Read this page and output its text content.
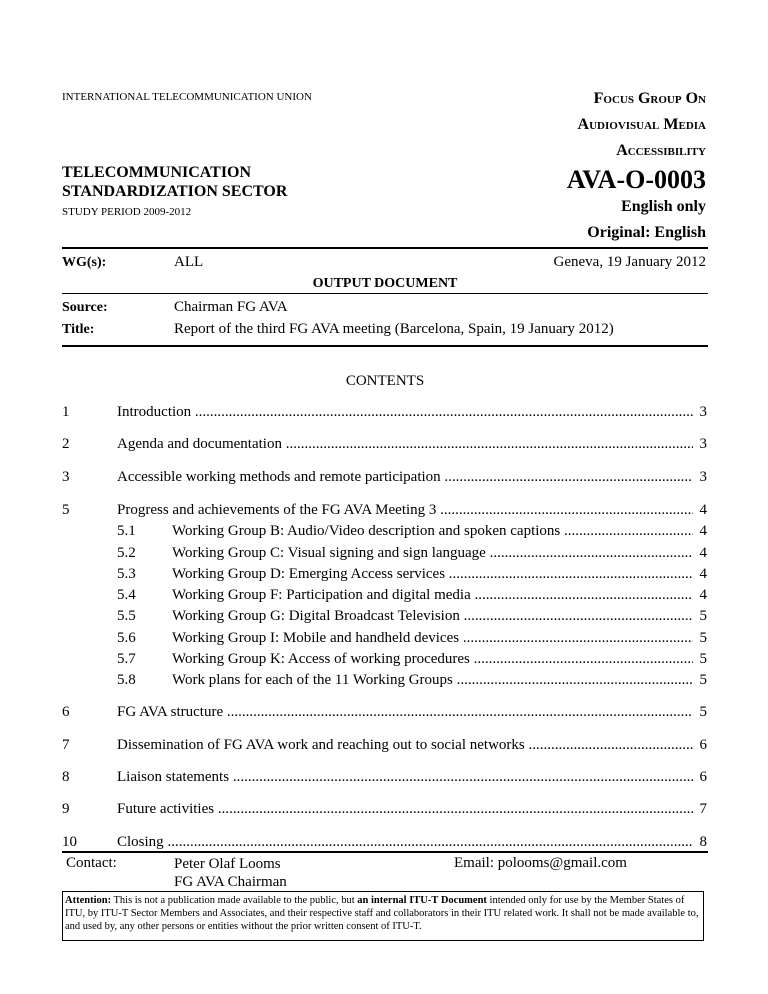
INTERNATIONAL TELECOMMUNICATION UNION
TELECOMMUNICATION
STANDARDIZATION SECTOR
STUDY PERIOD 2009-2012
Focus Group On
Audiovisual Media
Accessibility
AVA-O-0003
English only
Original: English
WG(s):	ALL	Geneva, 19 January 2012
OUTPUT DOCUMENT
Source:	Chairman FG AVA
Title:	Report of the third FG AVA meeting (Barcelona, Spain, 19 January 2012)
CONTENTS
1	Introduction .....	3
2	Agenda and documentation .....	3
3	Accessible working methods and remote participation .....	3
5	Progress and achievements of the FG AVA Meeting 3 .....	4
5.1 Working Group B: Audio/Video description and spoken captions .....	4
5.2 Working Group C: Visual signing and sign language .....	4
5.3 Working Group D: Emerging Access services .....	4
5.4 Working Group F: Participation and digital media .....	4
5.5 Working Group G: Digital Broadcast Television .....	5
5.6 Working Group I: Mobile and handheld devices .....	5
5.7 Working Group K: Access of working procedures .....	5
5.8 Work plans for each of the 11 Working Groups .....	5
6	FG AVA structure .....	5
7	Dissemination of FG AVA work and reaching out to social networks .....	6
8	Liaison statements .....	6
9	Future activities .....	7
10	Closing .....	8
Contact:	Peter Olaf Looms
FG AVA Chairman
Email: polooms@gmail.com
Attention: This is not a publication made available to the public, but an internal ITU-T Document intended only for use by the Member States of ITU, by ITU-T Sector Members and Associates, and their respective staff and collaborators in their ITU related work. It shall not be made available to, and used by, any other persons or entities without the prior written consent of ITU-T.
